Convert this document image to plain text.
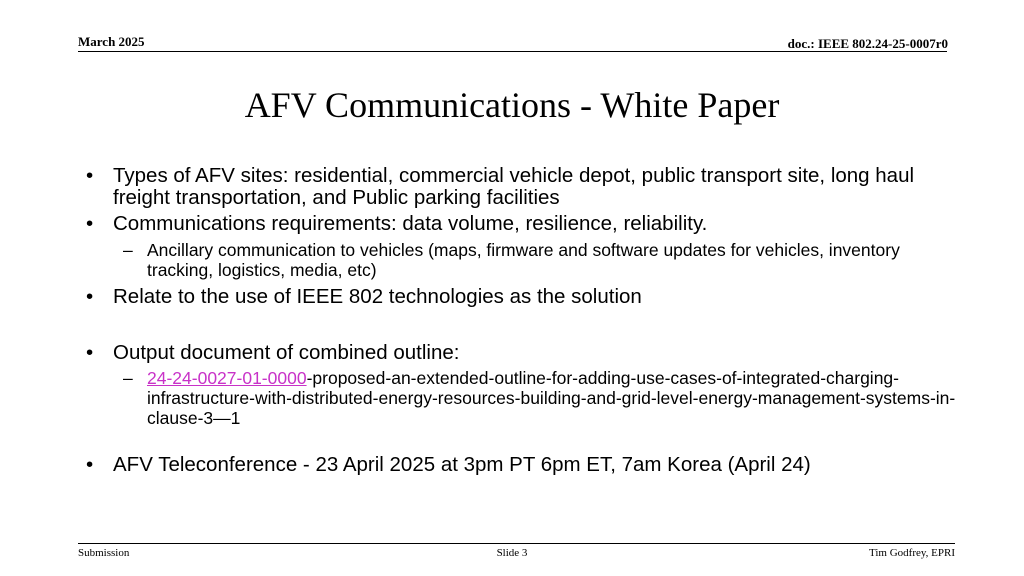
March 2025	doc.: IEEE 802.24-25-0007r0
AFV Communications - White Paper
• Types of AFV sites: residential, commercial vehicle depot, public transport site, long haul freight transportation, and Public parking facilities
• Communications requirements: data volume, resilience, reliability.
– Ancillary communication to vehicles (maps, firmware and software updates for vehicles, inventory tracking, logistics, media, etc)
• Relate to the use of IEEE 802 technologies as the solution
• Output document of combined outline:
– 24-24-0027-01-0000-proposed-an-extended-outline-for-adding-use-cases-of-integrated-charging-infrastructure-with-distributed-energy-resources-building-and-grid-level-energy-management-systems-in-clause-3—1
• AFV Teleconference - 23 April 2025 at 3pm PT 6pm ET, 7am Korea (April 24)
Submission	Slide 3	Tim Godfrey, EPRI
